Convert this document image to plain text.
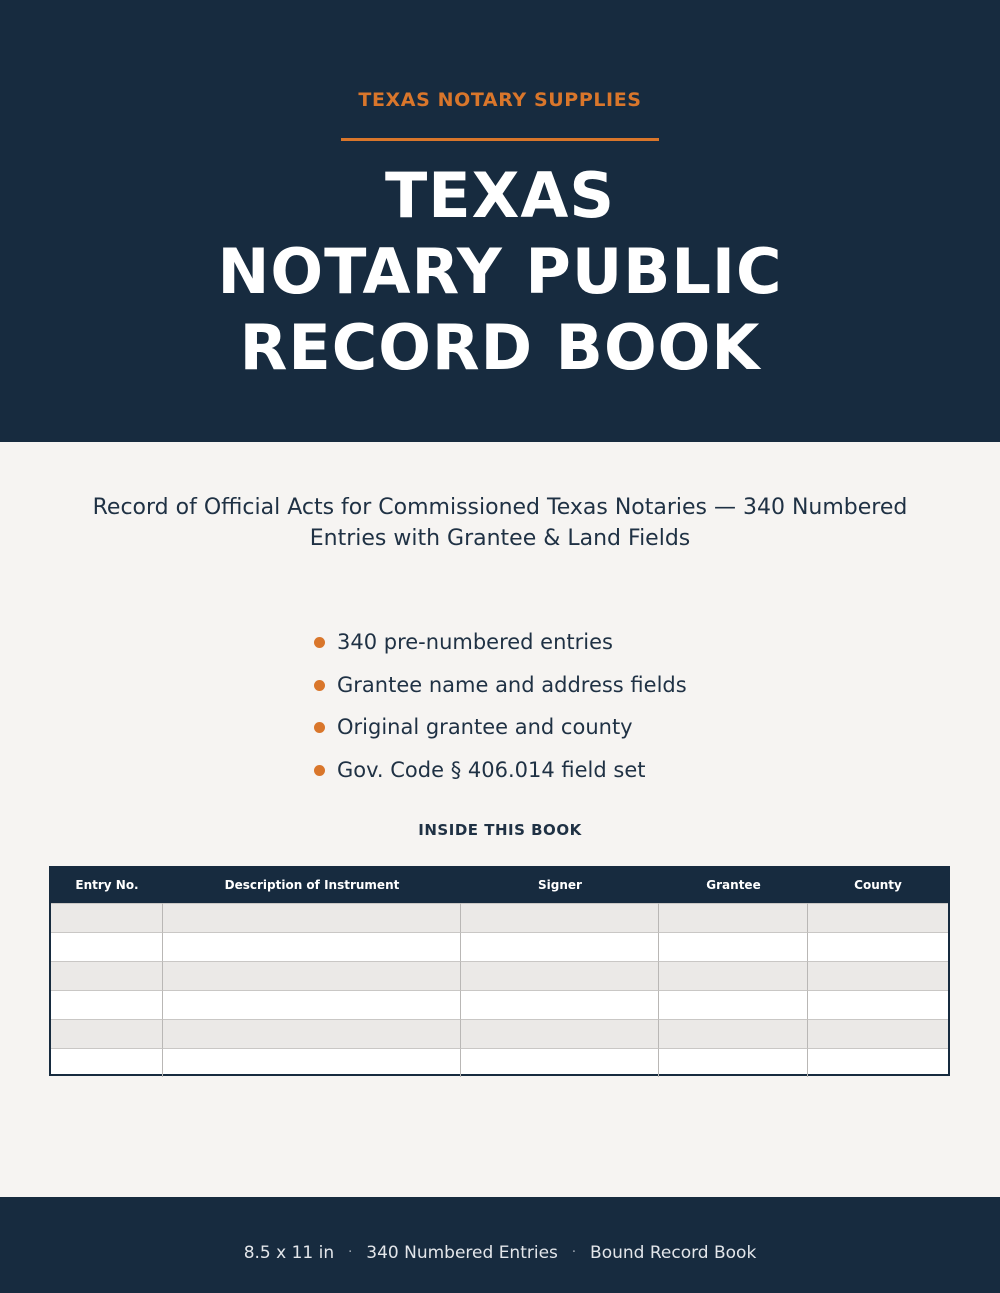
TEXAS NOTARY SUPPLIES
TEXAS
NOTARY PUBLIC
RECORD BOOK

Record of Official Acts for Commissioned Texas Notaries — 340 Numbered Entries with Grantee & Land Fields

340 pre-numbered entries
Grantee name and address fields
Original grantee and county
Gov. Code § 406.014 field set
INSIDE THIS BOOK
Entry No.	Description of Instrument	Signer	Grantee	County
8.5 x 11 in · 340 Numbered Entries · Bound Record Book
